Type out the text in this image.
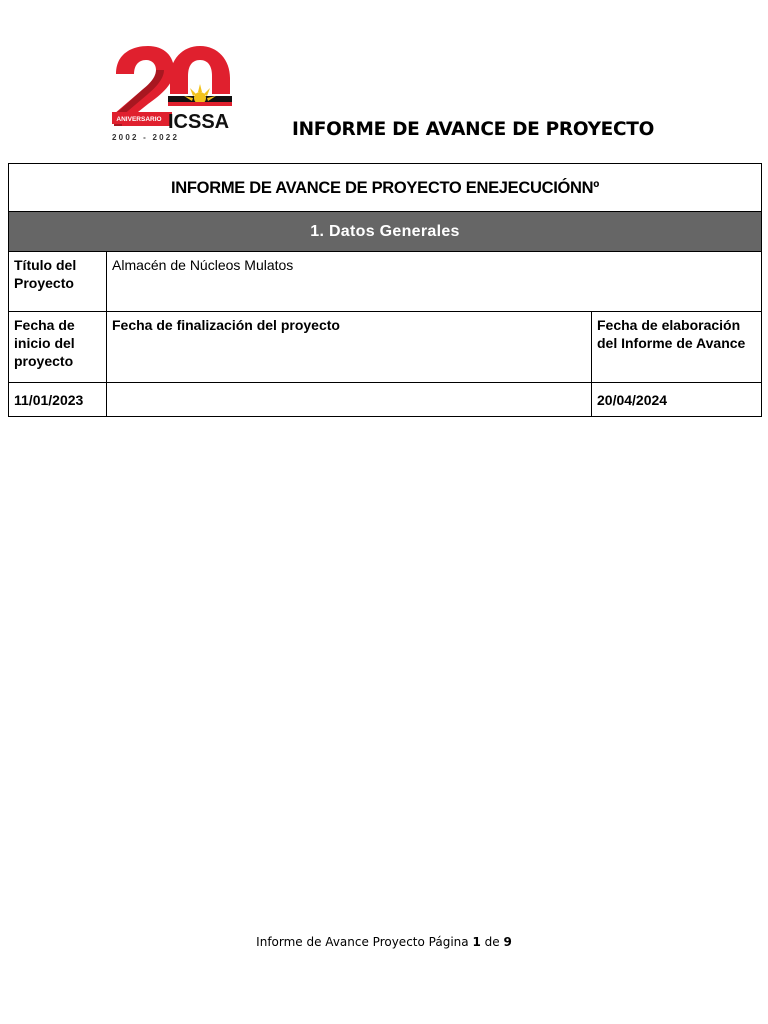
ANIVERSARIO ICSSA
2 0 0 2   -   2 0 2 2	INFORME DE AVANCE DE PROYECTO
INFORME DE AVANCE DE PROYECTO ENEJECUCIÓNNº		
1. Datos Generales		
Título del Proyecto	Almacén de Núcleos Mulatos	
Fecha de inicio del proyecto	Fecha de finalización del proyecto	Fecha de elaboración del Informe de Avance
11/01/2023		20/04/2024
Informe de Avance Proyecto Página 1 de 9
